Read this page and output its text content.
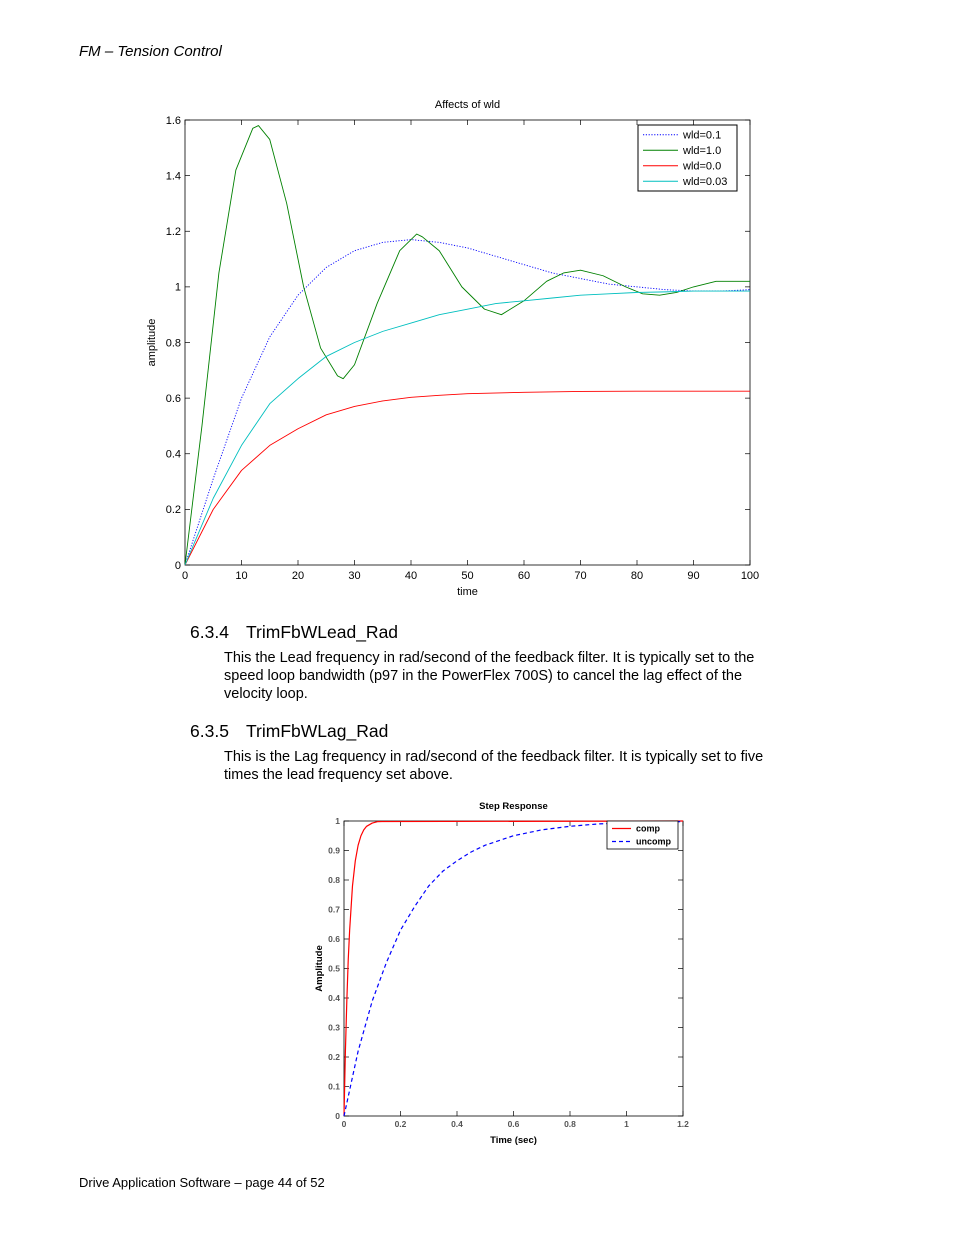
FM – Tension Control
Affects of wld
time
amplitude
0	10	20	30	40	50	60	70	80	90	100
0
0.2
0.4
0.6
0.8
1
1.2
1.4
1.6
wld=0.1
wld=1.0
wld=0.0
wld=0.03
Step Response
Time (sec)
Amplitude
0	0.2	0.4	0.6	0.8	1	1.2
0
0.1
0.2
0.3
0.4
0.5
0.6
0.7
0.8
0.9
1
comp
uncomp
6.3.4 TrimFbWLead_Rad
This the Lead frequency in rad/second of the feedback filter. It is typically set to the
speed loop bandwidth (p97 in the PowerFlex 700S) to cancel the lag effect of the
velocity loop.
6.3.5 TrimFbWLag_Rad
This is the Lag frequency in rad/second of the feedback filter. It is typically set to five
times the lead frequency set above.
Drive Application Software – page 44 of 52
